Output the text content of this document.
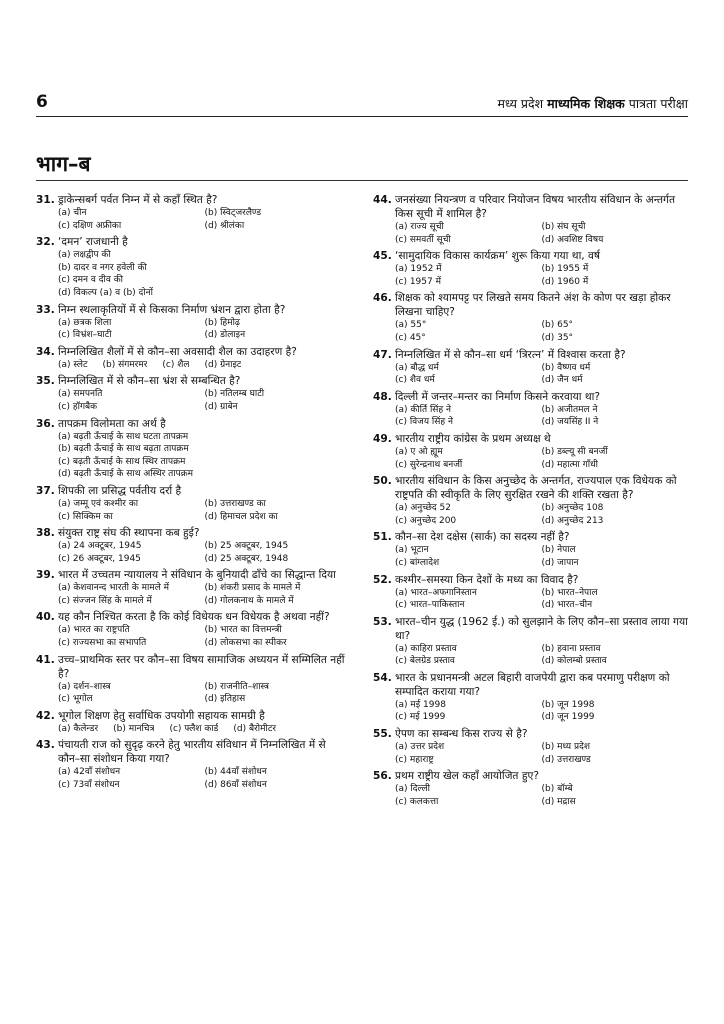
6	मध्य प्रदेश माध्यमिक शिक्षक पात्रता परीक्षा
भाग–ब
31. ड्राकेन्सबर्ग पर्वत निम्न में से कहाँ स्थित है?
(a) चीन	(b) स्विट्जरलैण्ड
(c) दक्षिण अफ्रीका	(d) श्रीलंका
32. ‘दमन’ राजधानी है
(a) लक्षद्वीप की
(b) दादर व नगर हवेली की
(c) दमन व दीव की
(d) विकल्प (a) व (b) दोनों
33. निम्न स्थलाकृतियों में से किसका निर्माण भ्रंशन द्वारा होता है?
(a) छत्रक शिला	(b) हिमोढ़
(c) विभ्रंश–घाटी	(d) डोलाइन
34. निम्नलिखित शैलों में से कौन–सा अवसादी शैल का उदाहरण है?
(a) स्लेट (b) संगमरमर (c) शैल (d) ग्रेनाइट
35. निम्नलिखित में से कौन–सा भ्रंश से सम्बन्धित है?
(a) समपनति	(b) नतिलम्ब घाटी
(c) हॉगबैक	(d) ग्राबेन
36. तापक्रम विलोमता का अर्थ है
(a) बढ़ती ऊँचाई के साथ घटता तापक्रम
(b) बढ़ती ऊँचाई के साथ बढ़ता तापक्रम
(c) बढ़ती ऊँचाई के साथ स्थिर तापक्रम
(d) बढ़ती ऊँचाई के साथ अस्थिर तापक्रम
37. शिपकी ला प्रसिद्ध पर्वतीय दर्रा है
(a) जम्मू एवं कश्मीर का	(b) उत्तराखण्ड का
(c) सिक्किम का	(d) हिमाचल प्रदेश का
38. संयुक्त राष्ट्र संघ की स्थापना कब हुई?
(a) 24 अक्टूबर, 1945	(b) 25 अक्टूबर, 1945
(c) 26 अक्टूबर, 1945	(d) 25 अक्टूबर, 1948
39. भारत में उच्चतम न्यायालय ने संविधान के बुनियादी ढाँचे का सिद्धान्त दिया
(a) केशवानन्द भारती के मामले में	(b) शंकरी प्रसाद के मामले में
(c) संज्जन सिंह के मामले में	(d) गोलकनाथ के मामले में
40. यह कौन निश्चित करता है कि कोई विधेयक धन विधेयक है अथवा नहीं?
(a) भारत का राष्ट्रपति	(b) भारत का वित्तमन्त्री
(c) राज्यसभा का सभापति	(d) लोकसभा का स्पीकर
41. उच्च–प्राथमिक स्तर पर कौन–सा विषय सामाजिक अध्ययन में सम्मिलित नहीं है?
(a) दर्शन–शास्त्र	(b) राजनीति–शास्त्र
(c) भूगोल	(d) इतिहास
42. भूगोल शिक्षण हेतु सर्वाधिक उपयोगी सहायक सामग्री है
(a) कैलेन्डर (b) मानचित्र (c) फ्लैश कार्ड (d) बैरोमीटर
43. पंचायती राज को सुदृढ़ करने हेतु भारतीय संविधान में निम्नलिखित में से कौन–सा संशोधन किया गया?
(a) 42वाँ संशोधन	(b) 44वाँ संशोधन
(c) 73वाँ संशोधन	(d) 86वाँ संशोधन
44. जनसंख्या नियन्त्रण व परिवार नियोजन विषय भारतीय संविधान के अन्तर्गत किस सूची में शामिल है?
(a) राज्य सूची	(b) संघ सूची
(c) समवर्ती सूची	(d) अवशिष्ट विषय
45. ‘सामुदायिक विकास कार्यक्रम’ शुरू किया गया था, वर्ष
(a) 1952 में	(b) 1955 में
(c) 1957 में	(d) 1960 में
46. शिक्षक को श्यामपट्ट पर लिखते समय कितने अंश के कोण पर खड़ा होकर लिखना चाहिए?
(a) 55°	(b) 65°
(c) 45°	(d) 35°
47. निम्नलिखित में से कौन–सा धर्म ‘त्रिरत्न’ में विश्वास करता है?
(a) बौद्ध धर्म	(b) वैष्णव धर्म
(c) शैव धर्म	(d) जैन धर्म
48. दिल्ली में जन्तर–मन्तर का निर्माण किसने करवाया था?
(a) कीर्ति सिंह ने	(b) अजीतमल ने
(c) विजय सिंह ने	(d) जयसिंह II ने
49. भारतीय राष्ट्रीय कांग्रेस के प्रथम अध्यक्ष थे
(a) ए ओ ह्यूम	(b) डब्ल्यू सी बनर्जी
(c) सुरेन्द्रनाथ बनर्जी	(d) महात्मा गाँधी
50. भारतीय संविधान के किस अनुच्छेद के अन्तर्गत, राज्यपाल एक विधेयक को राष्ट्रपति की स्वीकृति के लिए सुरक्षित रखने की शक्ति रखता है?
(a) अनुच्छेद 52	(b) अनुच्छेद 108
(c) अनुच्छेद 200	(d) अनुच्छेद 213
51. कौन–सा देश दक्षेस (सार्क) का सदस्य नहीं है?
(a) भूटान	(b) नेपाल
(c) बांग्लादेश	(d) जापान
52. कश्मीर–समस्या किन देशों के मध्य का विवाद है?
(a) भारत–अफगानिस्तान	(b) भारत–नेपाल
(c) भारत–पाकिस्तान	(d) भारत–चीन
53. भारत–चीन युद्ध (1962 ई.) को सुलझाने के लिए कौन–सा प्रस्ताव लाया गया था?
(a) काहिरा प्रस्ताव	(b) हवाना प्रस्ताव
(c) बेलग्रेड प्रस्ताव	(d) कोलम्बो प्रस्ताव
54. भारत के प्रधानमन्त्री अटल बिहारी वाजपेयी द्वारा कब परमाणु परीक्षण को सम्पादित कराया गया?
(a) मई 1998	(b) जून 1998
(c) मई 1999	(d) जून 1999
55. ऐपण का सम्बन्ध किस राज्य से है?
(a) उत्तर प्रदेश	(b) मध्य प्रदेश
(c) महाराष्ट्र	(d) उत्तराखण्ड
56. प्रथम राष्ट्रीय खेल कहाँ आयोजित हुए?
(a) दिल्ली	(b) बॉम्बे
(c) कलकत्ता	(d) मद्रास
